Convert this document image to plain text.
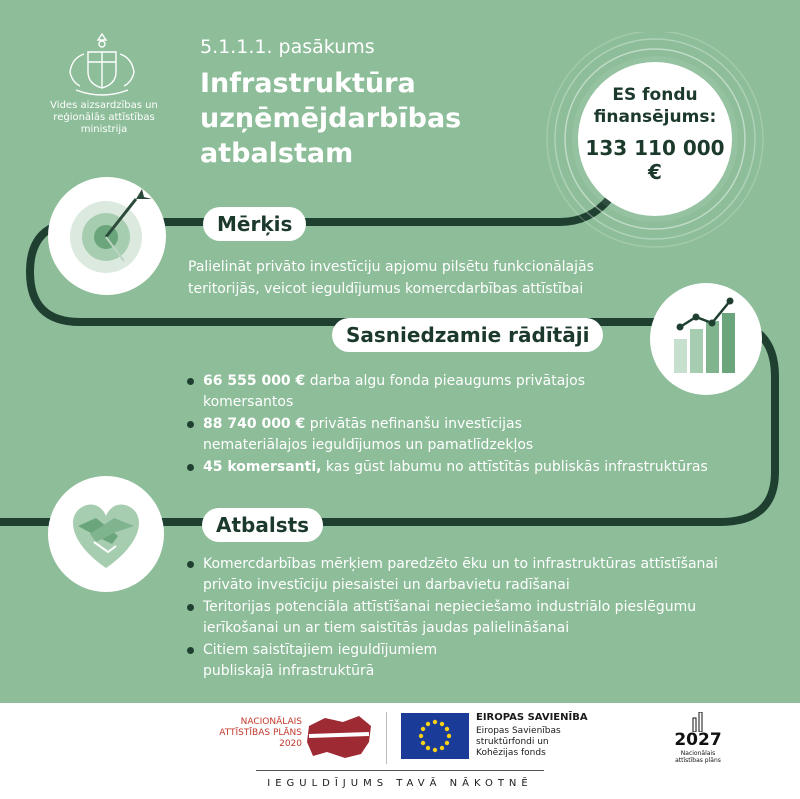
Vides aizsardzības un reģionālās attīstības ministrija
5.1.1.1. pasākums
Infrastruktūra uzņēmējdarbības atbalstam
ES fondu finansējums:
133 110 000 €
Mērķis
Palielināt privāto investīciju apjomu pilsētu funkcionālajās teritorijās, veicot ieguldījumus komercdarbības attīstībai
Sasniedzamie rādītāji
66 555 000 € darba algu fonda pieaugums privātajos komersantos
88 740 000 € privātās nefinanšu investīcijas nemateriālajos ieguldījumos un pamatlīdzekļos
45 komersanti, kas gūst labumu no attīstītās publiskās infrastruktūras
Atbalsts
Komercdarbības mērķiem paredzēto ēku un to infrastruktūras attīstīšanai privāto investīciju piesaistei un darbavietu radīšanai
Teritorijas potenciāla attīstīšanai nepieciešamo industriālo pieslēgumu ierīkošanai un ar tiem saistītās jaudas palielināšanai
Citiem saistītajiem ieguldījumiem publiskajā infrastruktūrā
NACIONĀLAIS ATTĪSTĪBAS PLĀNS 2020
EIROPAS SAVIENĪBA
Eiropas Savienības struktūrfondi un Kohēzijas fonds
IEGULDĪJUMS TAVĀ NĀKOTNĒ
2027
Nacionālais attīstības plāns
